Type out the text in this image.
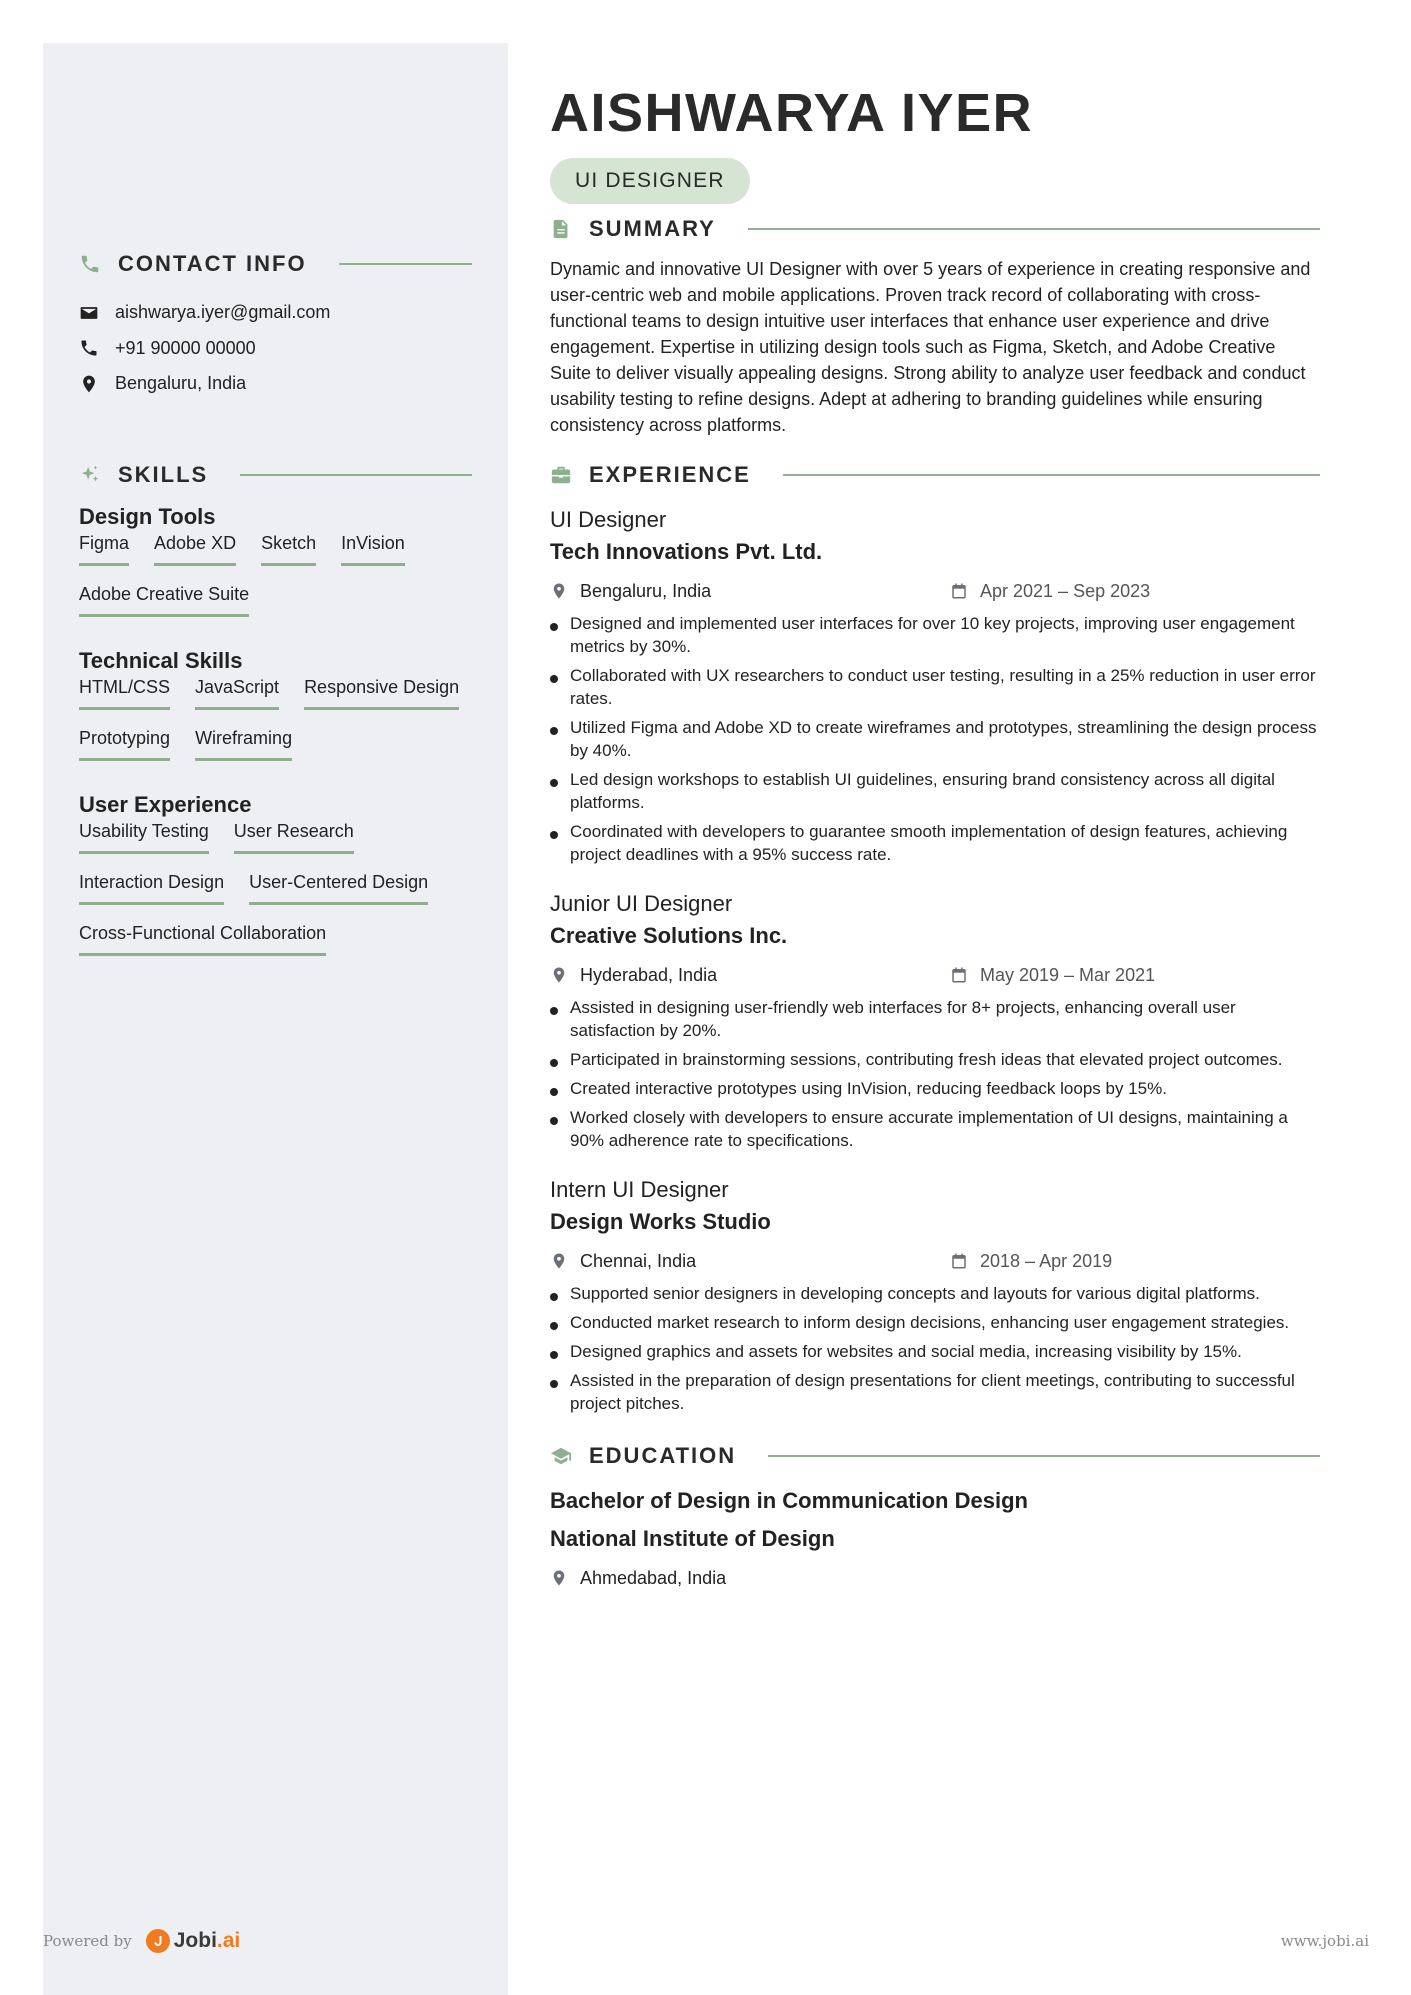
CONTACT INFO
aishwarya.iyer@gmail.com
+91 90000 00000
Bengaluru, India
SKILLS
Design Tools
Figma Adobe XD Sketch InVision
Adobe Creative Suite
Technical Skills
HTML/CSS JavaScript Responsive Design
Prototyping Wireframing
User Experience
Usability Testing User Research
Interaction Design User-Centered Design
Cross-Functional Collaboration
AISHWARYA IYER
UI DESIGNER
SUMMARY

Dynamic and innovative UI Designer with over 5 years of experience in creating responsive and user-centric web and mobile applications. Proven track record of collaborating with cross-functional teams to design intuitive user interfaces that enhance user experience and drive engagement. Expertise in utilizing design tools such as Figma, Sketch, and Adobe Creative Suite to deliver visually appealing designs. Strong ability to analyze user feedback and conduct usability testing to refine designs. Adept at adhering to branding guidelines while ensuring consistency across platforms.

EXPERIENCE
UI Designer
Tech Innovations Pvt. Ltd.
Bengaluru, India	Apr 2021 – Sep 2023
Designed and implemented user interfaces for over 10 key projects, improving user engagement metrics by 30%.
Collaborated with UX researchers to conduct user testing, resulting in a 25% reduction in user error rates.
Utilized Figma and Adobe XD to create wireframes and prototypes, streamlining the design process by 40%.
Led design workshops to establish UI guidelines, ensuring brand consistency across all digital platforms.
Coordinated with developers to guarantee smooth implementation of design features, achieving project deadlines with a 95% success rate.
Junior UI Designer
Creative Solutions Inc.
Hyderabad, India	May 2019 – Mar 2021
Assisted in designing user-friendly web interfaces for 8+ projects, enhancing overall user satisfaction by 20%.
Participated in brainstorming sessions, contributing fresh ideas that elevated project outcomes.
Created interactive prototypes using InVision, reducing feedback loops by 15%.
Worked closely with developers to ensure accurate implementation of UI designs, maintaining a 90% adherence rate to specifications.
Intern UI Designer
Design Works Studio
Chennai, India	2018 – Apr 2019
Supported senior designers in developing concepts and layouts for various digital platforms.
Conducted market research to inform design decisions, enhancing user engagement strategies.
Designed graphics and assets for websites and social media, increasing visibility by 15%.
Assisted in the preparation of design presentations for client meetings, contributing to successful project pitches.
EDUCATION
Bachelor of Design in Communication Design
National Institute of Design
Ahmedabad, India
Powered by Jobi.ai	www.jobi.ai
